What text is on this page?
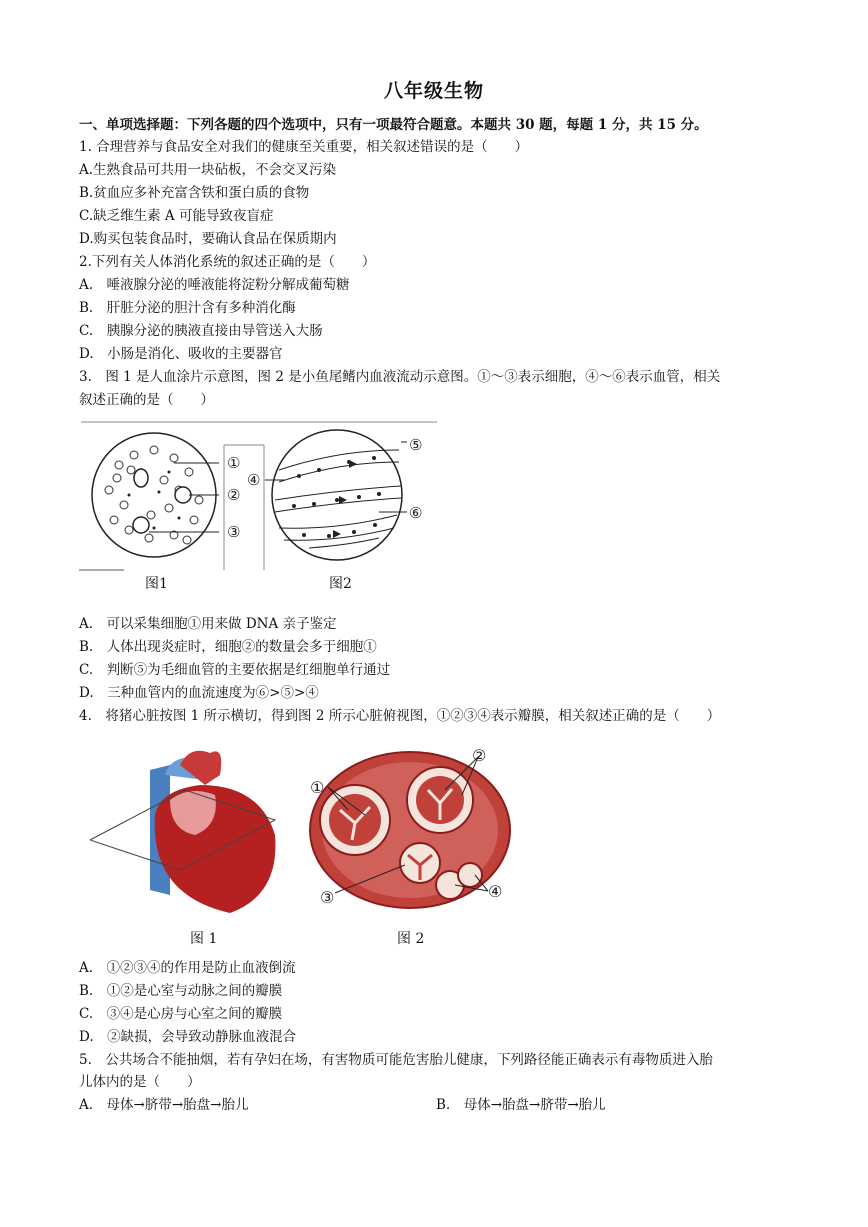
八年级生物
一、单项选择题：下列各题的四个选项中，只有一项最符合题意。本题共 30 题，每题 1 分，共 15 分。
1. 合理营养与食品安全对我们的健康至关重要，相关叙述错误的是（　　）
A.生熟食品可共用一块砧板，不会交叉污染
B.贫血应多补充富含铁和蛋白质的食物
C.缺乏维生素 A 可能导致夜盲症
D.购买包装食品时，要确认食品在保质期内
2.下列有关人体消化系统的叙述正确的是（　　）
A.　唾液腺分泌的唾液能将淀粉分解成葡萄糖
B.　肝脏分泌的胆汁含有多种消化酶
C.　胰腺分泌的胰液直接由导管送入大肠
D.　小肠是消化、吸收的主要器官
3.　图 1 是人血涂片示意图，图 2 是小鱼尾鳍内血液流动示意图。①～③表示细胞，④～⑥表示血管，相关
叙述正确的是（　　）
①
②
③
④
⑤
⑥
图1	图2
A.　可以采集细胞①用来做 DNA 亲子鉴定
B.　人体出现炎症时，细胞②的数量会多于细胞①
C.　判断⑤为毛细血管的主要依据是红细胞单行通过
D.　三种血管内的血流速度为⑥>⑤>④
4.　将猪心脏按图 1 所示横切，得到图 2 所示心脏俯视图，①②③④表示瓣膜，相关叙述正确的是（　　）
①
②
③	④
图 1	图 2
A.　①②③④的作用是防止血液倒流
B.　①②是心室与动脉之间的瓣膜
C.　③④是心房与心室之间的瓣膜
D.　②缺损，会导致动静脉血液混合
5.　公共场合不能抽烟，若有孕妇在场，有害物质可能危害胎儿健康，下列路径能正确表示有毒物质进入胎
儿体内的是（　　）
A.　母体→脐带→胎盘→胎儿	B.　母体→胎盘→脐带→胎儿
